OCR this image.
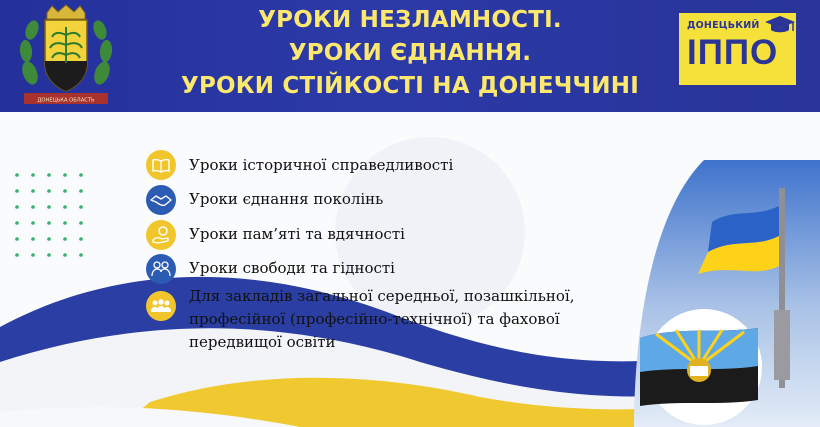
УРОКИ НЕЗЛАМНОСТІ.
УРОКИ ЄДНАННЯ.
УРОКИ СТІЙКОСТІ НА ДОНЕЧЧИНІ
ДОНЕЦЬКА ОБЛАСТЬ
ДОНЕЦЬКИЙ
ІППО
Уроки історичної справедливості
Уроки єднання поколінь
Уроки пам’яті та вдячності
Уроки свободи та гідності
Для закладів загальної середньої, позашкільної,
професійної (професійно-технічної) та фахової
передвищої освіти
